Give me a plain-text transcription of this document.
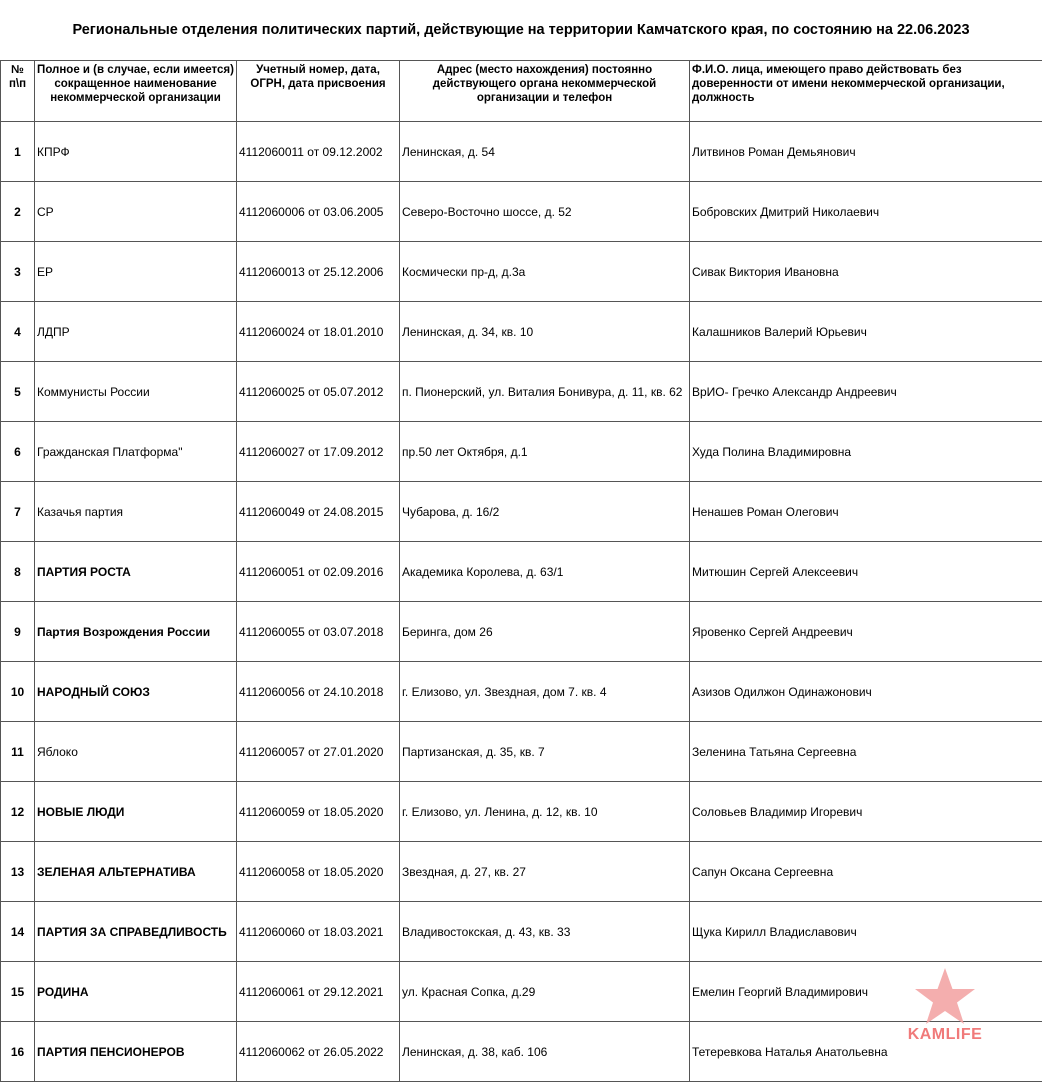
Региональные отделения политических партий, действующие на территории Камчатского края, по состоянию на 22.06.2023
№ п\п	Полное и (в случае, если имеется) сокращенное наименование некоммерческой организации	Учетный номер, дата, ОГРН, дата присвоения	Адрес (место нахождения) постоянно действующего органа некоммерческой организации и телефон	Ф.И.О. лица, имеющего право действовать без доверенности от имени некоммерческой организации, должность
1	КПРФ	4112060011 от 09.12.2002	Ленинская, д. 54	Литвинов Роман Демьянович
2	СР	4112060006 от 03.06.2005	Северо-Восточно шоссе, д. 52	Бобровских Дмитрий Николаевич
3	ЕР	4112060013 от 25.12.2006	Космически пр-д, д.3а	Сивак Виктория Ивановна
4	ЛДПР	4112060024 от 18.01.2010	Ленинская, д. 34, кв. 10	Калашников Валерий Юрьевич
5	Коммунисты России	4112060025 от 05.07.2012	п. Пионерский, ул. Виталия Бонивура, д. 11, кв. 62	ВрИО- Гречко Александр Андреевич
6	Гражданская Платформа"	4112060027 от 17.09.2012	пр.50 лет Октября, д.1	Худа Полина Владимировна
7	Казачья партия	4112060049 от 24.08.2015	Чубарова, д. 16/2	Ненашев Роман Олегович
8	ПАРТИЯ РОСТА	4112060051 от 02.09.2016	Академика Королева, д. 63/1	Митюшин Сергей Алексеевич
9	Партия Возрождения России	4112060055 от 03.07.2018	Беринга, дом 26	Яровенко Сергей Андреевич
10	НАРОДНЫЙ СОЮЗ	4112060056 от 24.10.2018	г. Елизово, ул. Звездная, дом 7. кв. 4	Азизов Одилжон Одинажонович
11	Яблоко	4112060057 от 27.01.2020	Партизанская, д. 35, кв. 7	Зеленина Татьяна Сергеевна
12	НОВЫЕ ЛЮДИ	4112060059 от 18.05.2020	г. Елизово, ул. Ленина, д. 12, кв. 10	Соловьев Владимир Игоревич
13	ЗЕЛЕНАЯ АЛЬТЕРНАТИВА	4112060058 от 18.05.2020	Звездная, д. 27, кв. 27	Сапун Оксана Сергеевна
14	ПАРТИЯ ЗА СПРАВЕДЛИВОСТЬ	4112060060 от 18.03.2021	Владивостокская, д. 43, кв. 33	Щука Кирилл Владиславович
15	РОДИНА	4112060061 от 29.12.2021	ул. Красная Сопка, д.29	Емелин Георгий Владимирович
16	ПАРТИЯ ПЕНСИОНЕРОВ	4112060062 от 26.05.2022	Ленинская, д. 38, каб. 106	Тетеревкова Наталья Анатольевна
KAMLIFE
